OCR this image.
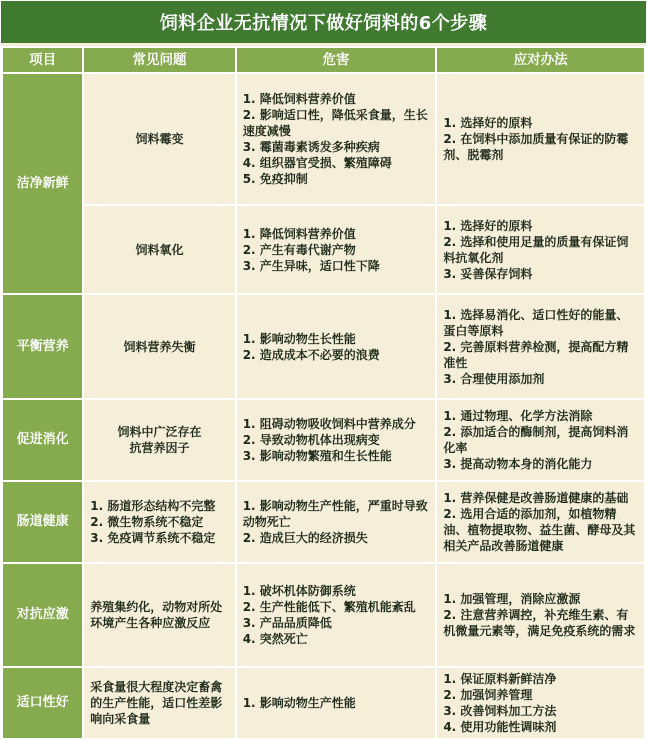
饲料企业无抗情况下做好饲料的6个步骤
项目	常见问题	危害	应对办法
洁净新鲜	饲料霉变	1. 降低饲料营养价值
2. 影响适口性，降低采食量，生长速度减慢
3. 霉菌毒素诱发多种疾病
4. 组织器官受损、繁殖障碍
5. 免疫抑制	1. 选择好的原料
2. 在饲料中添加质量有保证的防霉剂、脱霉剂

	饲料氧化	1. 降低饲料营养价值
2. 产生有毒代谢产物
3. 产生异味，适口性下降	1. 选择好的原料
2. 选择和使用足量的质量有保证饲料抗氧化剂
3. 妥善保存饲料

平衡营养	饲料营养失衡	1. 影响动物生长性能
2. 造成成本不必要的浪费	1. 选择易消化、适口性好的能量、蛋白等原料
2. 完善原料营养检测，提高配方精准性
3. 合理使用添加剂

促进消化	饲料中广泛存在
抗营养因子	1. 阻碍动物吸收饲料中营养成分
2. 导致动物机体出现病变
3. 影响动物繁殖和生长性能	1. 通过物理、化学方法消除
2. 添加适合的酶制剂，提高饲料消化率
3. 提高动物本身的消化能力

肠道健康	1. 肠道形态结构不完整
2. 微生物系统不稳定
3. 免疫调节系统不稳定	1. 影响动物生产性能，严重时导致动物死亡
2. 造成巨大的经济损失	1. 营养保健是改善肠道健康的基础
2. 选用合适的添加剂，如植物精油、植物提取物、益生菌、酵母及其相关产品改善肠道健康

对抗应激	养殖集约化，动物对所处环境产生各种应激反应	1. 破坏机体防御系统
2. 生产性能低下、繁殖机能紊乱
3. 产品品质降低
4. 突然死亡	1. 加强管理，消除应激源
2. 注意营养调控，补充维生素、有机微量元素等，满足免疫系统的需求

适口性好	采食量很大程度决定畜禽的生产性能，适口性差影响向采食量	1. 影响动物生产性能	1. 保证原料新鲜洁净
2. 加强饲养管理
3. 改善饲料加工方法
4. 使用功能性调味剂
